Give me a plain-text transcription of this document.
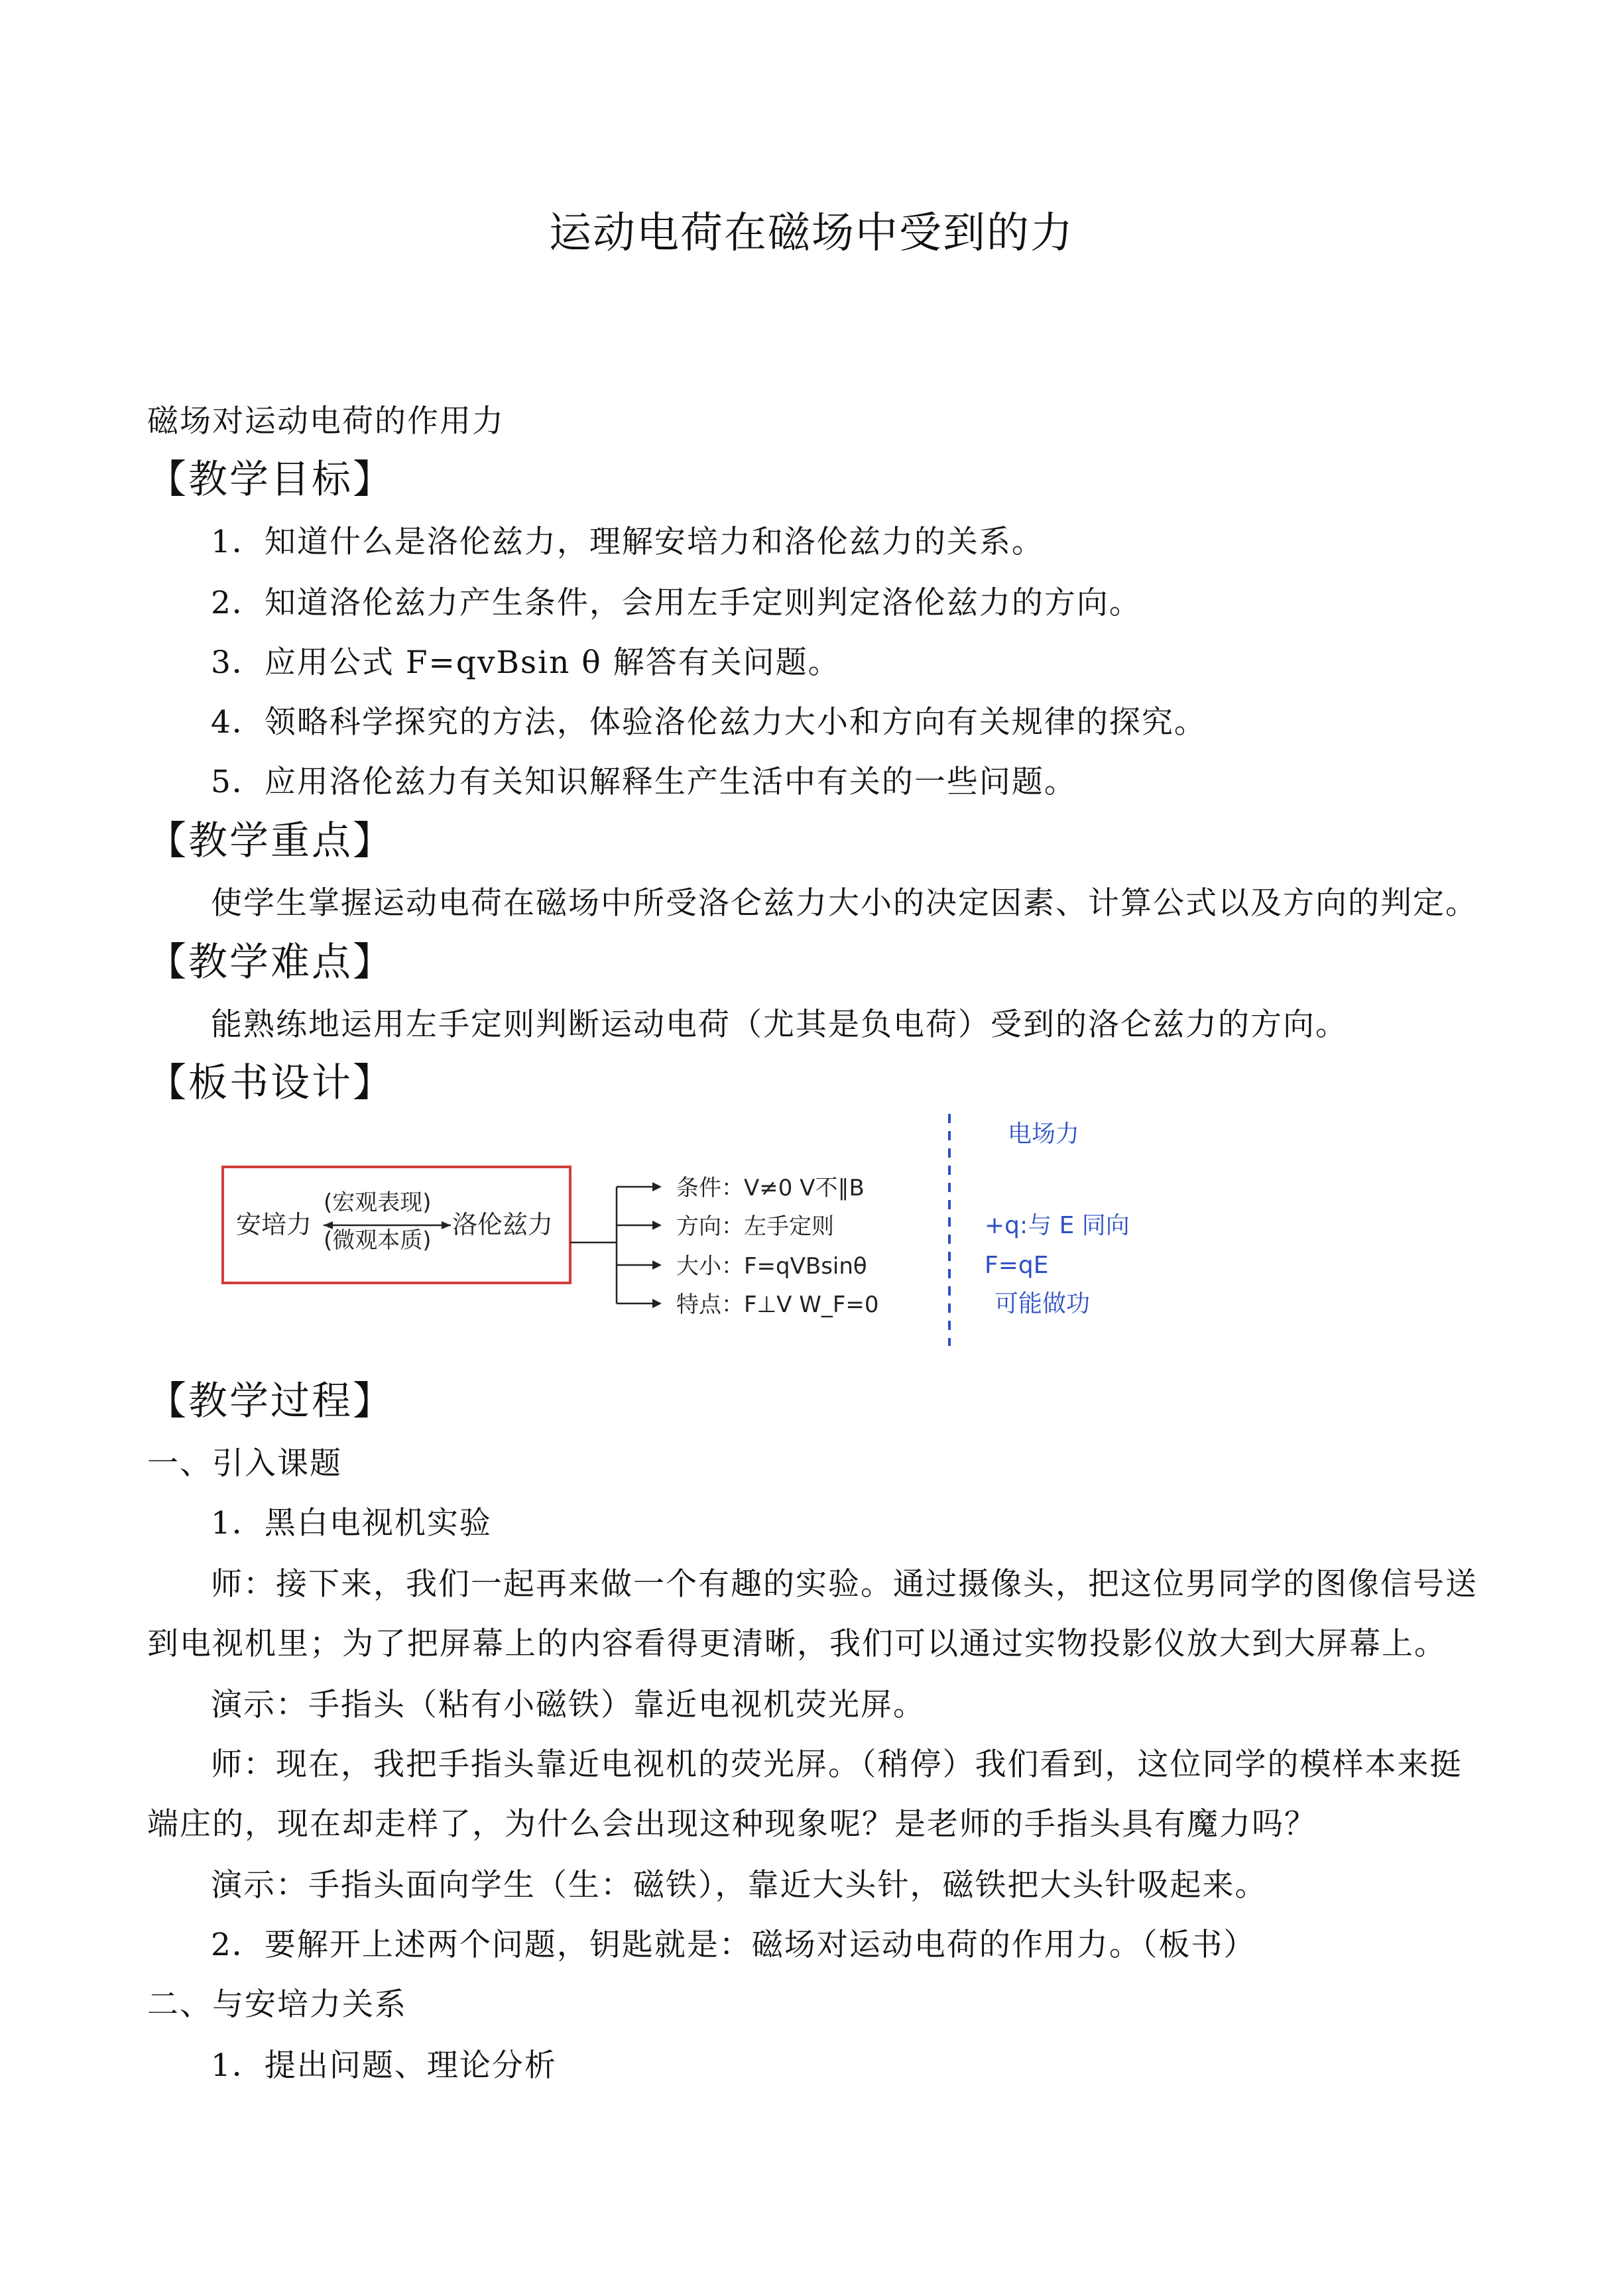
运动电荷在磁场中受到的力
磁场对运动电荷的作用力
【教学目标】
1．知道什么是洛伦兹力，理解安培力和洛伦兹力的关系。
2．知道洛伦兹力产生条件，会用左手定则判定洛伦兹力的方向。
3．应用公式 F=qvBsin θ 解答有关问题。
4．领略科学探究的方法，体验洛伦兹力大小和方向有关规律的探究。
5．应用洛伦兹力有关知识解释生产生活中有关的一些问题。
【教学重点】
使学生掌握运动电荷在磁场中所受洛仑兹力大小的决定因素、计算公式以及方向的判定。
【教学难点】
能熟练地运用左手定则判断运动电荷（尤其是负电荷）受到的洛仑兹力的方向。
【板书设计】
安培力
(宏观表现)
(微观本质)
洛伦兹力
条件：V≠0 V不∥B
方向：左手定则
大小：F=qVBsinθ
特点：F⊥V W_F=0
电场力
+q:与 E 同向
F=qE
可能做功
【教学过程】
一、引入课题
1．黑白电视机实验
师：接下来，我们一起再来做一个有趣的实验。通过摄像头，把这位男同学的图像信号送
到电视机里；为了把屏幕上的内容看得更清晰，我们可以通过实物投影仪放大到大屏幕上。
演示：手指头（粘有小磁铁）靠近电视机荧光屏。
师：现在，我把手指头靠近电视机的荧光屏。（稍停）我们看到，这位同学的模样本来挺
端庄的，现在却走样了，为什么会出现这种现象呢？是老师的手指头具有魔力吗？
演示：手指头面向学生（生：磁铁），靠近大头针，磁铁把大头针吸起来。
2．要解开上述两个问题，钥匙就是：磁场对运动电荷的作用力。（板书）
二、与安培力关系
1．提出问题、理论分析
